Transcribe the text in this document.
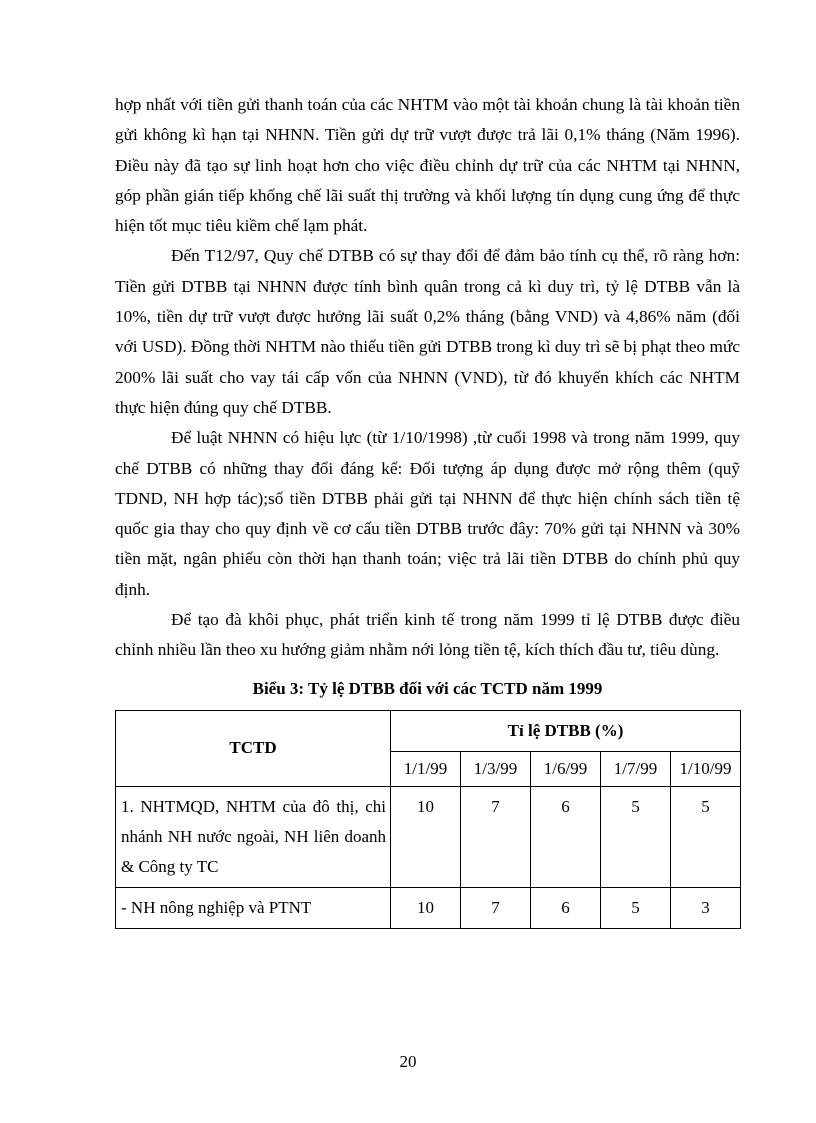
hợp nhất với tiền gửi thanh toán của các NHTM vào một tài khoản chung là tài khoản tiền gửi không kì hạn tại NHNN. Tiền gửi dự trữ vượt được trả lãi 0,1% tháng (Năm 1996). Điều này đã tạo sự linh hoạt hơn cho việc điều chỉnh dự trữ của các NHTM tại NHNN, góp phần gián tiếp khống chế lãi suất thị trường và khối lượng tín dụng cung ứng để thực hiện tốt mục tiêu kiềm chế lạm phát.

Đến T12/97, Quy chế DTBB có sự thay đổi để đảm bảo tính cụ thể, rõ ràng hơn: Tiền gửi DTBB tại NHNN được tính bình quân trong cả kì duy trì, tỷ lệ DTBB vẫn là 10%, tiền dự trữ vượt được hưởng lãi suất 0,2% tháng (bằng VND) và 4,86% năm (đối với USD). Đồng thời NHTM nào thiếu tiền gửi DTBB trong kì duy trì sẽ bị phạt theo mức 200% lãi suất cho vay tái cấp vốn của NHNN (VND), từ đó khuyến khích các NHTM thực hiện đúng quy chế DTBB.

Để luật NHNN có hiệu lực (từ 1/10/1998) ,từ cuối 1998 và trong năm 1999, quy chế DTBB có những thay đổi đáng kể: Đối tượng áp dụng được mở rộng thêm (quỹ TDND, NH hợp tác);số tiền DTBB phải gửi tại NHNN để thực hiện chính sách tiền tệ quốc gia thay cho quy định về cơ cấu tiền DTBB trước đây: 70% gửi tại NHNN và 30% tiền mặt, ngân phiếu còn thời hạn thanh toán; việc trả lãi tiền DTBB do chính phủ quy định.

Để tạo đà khôi phục, phát triển kinh tế trong năm 1999 tỉ lệ DTBB được điều chỉnh nhiều lần theo xu hướng giảm nhằm nới lỏng tiền tệ, kích thích đầu tư, tiêu dùng.

Biểu 3: Tỷ lệ DTBB đối với các TCTD năm 1999
TCTD	Tỉ lệ DTBB (%)				
	1/1/99	1/3/99	1/6/99	1/7/99	1/10/99
1. NHTMQD, NHTM của đô thị, chi nhánh NH nước ngoài, NH liên doanh & Công ty TC	10	7	6	5	5
- NH nông nghiệp và PTNT	10	7	6	5	3
20
